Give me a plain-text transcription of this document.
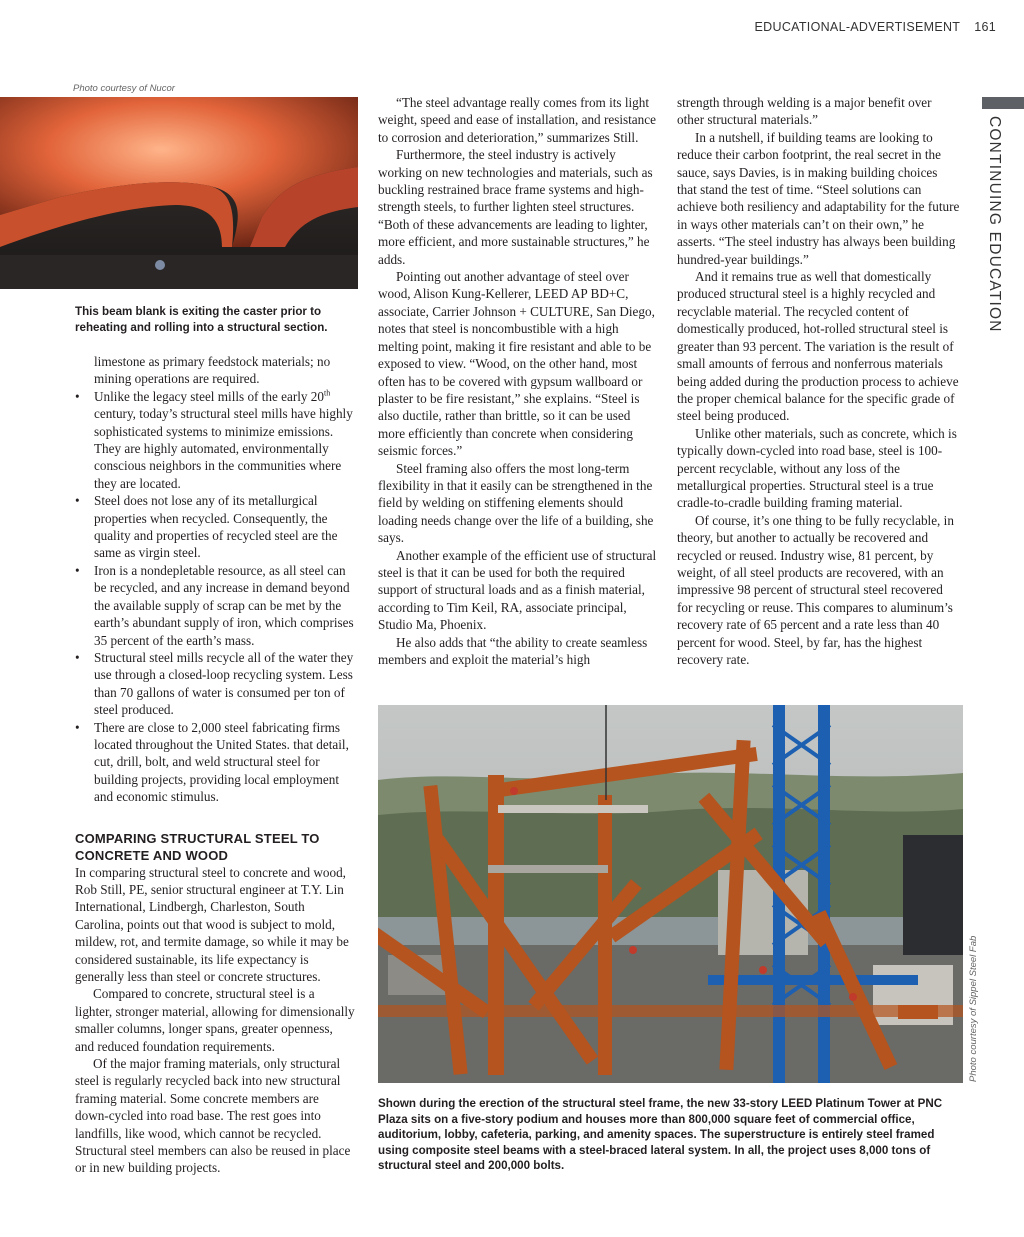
EDUCATIONAL-ADVERTISEMENT 161
CONTINUING EDUCATION
Photo courtesy of Nucor
This beam blank is exiting the caster prior to reheating and rolling into a structural section.
limestone as primary feedstock materials; no mining operations are required.
• Unlike the legacy steel mills of the early 20th century, today’s structural steel mills have highly sophisticated systems to minimize emissions. They are highly automated, environmentally conscious neighbors in the communities where they are located.
• Steel does not lose any of its metallurgical properties when recycled. Consequently, the quality and properties of recycled steel are the same as virgin steel.
• Iron is a nondepletable resource, as all steel can be recycled, and any increase in demand beyond the available supply of scrap can be met by the earth’s abundant supply of iron, which comprises 35 percent of the earth’s mass.
• Structural steel mills recycle all of the water they use through a closed-loop recycling system. Less than 70 gallons of water is consumed per ton of steel produced.
• There are close to 2,000 steel fabricating firms located throughout the United States. that detail, cut, drill, bolt, and weld structural steel for building projects, providing local employment and economic stimulus.
COMPARING STRUCTURAL STEEL TO CONCRETE AND WOOD

In comparing structural steel to concrete and wood, Rob Still, PE, senior structural engineer at T.Y. Lin International, Lindbergh, Charleston, South Carolina, points out that wood is subject to mold, mildew, rot, and termite damage, so while it may be considered sustainable, its life expectancy is generally less than steel or concrete structures.

Compared to concrete, structural steel is a lighter, stronger material, allowing for dimensionally smaller columns, longer spans, greater openness, and reduced foundation requirements.

Of the major framing materials, only structural steel is regularly recycled back into new structural framing material. Some concrete members are down-cycled into road base. The rest goes into landfills, like wood, which cannot be recycled. Structural steel members can also be reused in place or in new building projects.

“The steel advantage really comes from its light weight, speed and ease of installation, and resistance to corrosion and deterioration,” summarizes Still.

Furthermore, the steel industry is actively working on new technologies and materials, such as buckling restrained brace frame systems and high-strength steels, to further lighten steel structures. “Both of these advancements are leading to lighter, more efficient, and more sustainable structures,” he adds.

Pointing out another advantage of steel over wood, Alison Kung-Kellerer, LEED AP BD+C, associate, Carrier Johnson + CULTURE, San Diego, notes that steel is noncombustible with a high melting point, making it fire resistant and able to be exposed to view. “Wood, on the other hand, most often has to be covered with gypsum wallboard or plaster to be fire resistant,” she explains. “Steel is also ductile, rather than brittle, so it can be used more efficiently than concrete when considering seismic forces.”

Steel framing also offers the most long-term flexibility in that it easily can be strengthened in the field by welding on stiffening elements should loading needs change over the life of a building, she says.

Another example of the efficient use of structural steel is that it can be used for both the required support of structural loads and as a finish material, according to Tim Keil, RA, associate principal, Studio Ma, Phoenix.

He also adds that “the ability to create seamless members and exploit the material’s high

strength through welding is a major benefit over other structural materials.”

In a nutshell, if building teams are looking to reduce their carbon footprint, the real secret in the sauce, says Davies, is in making building choices that stand the test of time. “Steel solutions can achieve both resiliency and adaptability for the future in ways other materials can’t on their own,” he asserts. “The steel industry has always been building hundred-year buildings.”

And it remains true as well that domestically produced structural steel is a highly recycled and recyclable material. The recycled content of domestically produced, hot-rolled structural steel is greater than 93 percent. The variation is the result of small amounts of ferrous and nonferrous materials being added during the production process to achieve the proper chemical balance for the specific grade of steel being produced.

Unlike other materials, such as concrete, which is typically down-cycled into road base, steel is 100-percent recyclable, without any loss of the metallurgical properties. Structural steel is a true cradle-to-cradle building framing material.

Of course, it’s one thing to be fully recyclable, in theory, but another to actually be recovered and recycled or reused. Industry wise, 81 percent, by weight, of all steel products are recovered, with an impressive 98 percent of structural steel recovered for recycling or reuse. This compares to aluminum’s recovery rate of 65 percent and a rate less than 40 percent for wood. Steel, by far, has the highest recovery rate.

Photo courtesy of Sippel Steel Fab
Shown during the erection of the structural steel frame, the new 33-story LEED Platinum Tower at PNC Plaza sits on a five-story podium and houses more than 800,000 square feet of commercial office, auditorium, lobby, cafeteria, parking, and amenity spaces. The superstructure is entirely steel framed using composite steel beams with a steel-braced lateral system. In all, the project uses 8,000 tons of structural steel and 200,000 bolts.
